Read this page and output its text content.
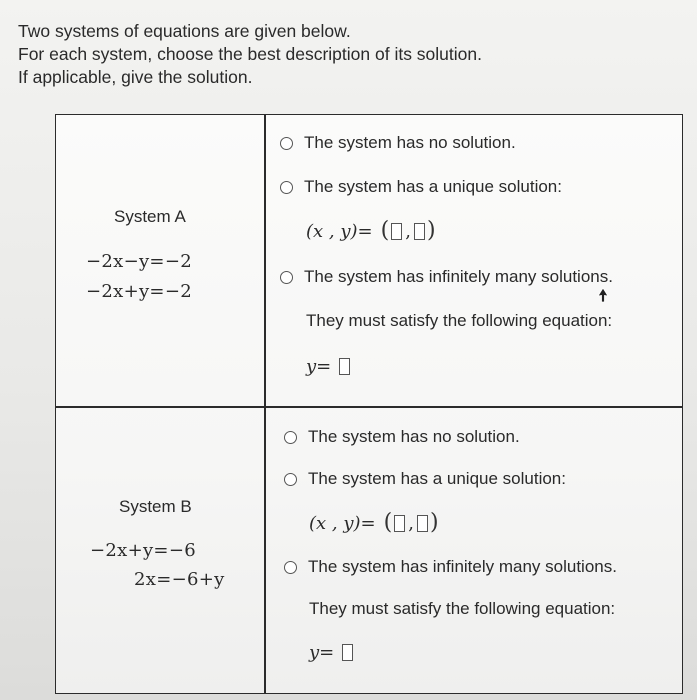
Two systems of equations are given below.
For each system, choose the best description of its solution.
If applicable, give the solution.
System A
−2x−y=−2
−2x+y=−2
The system has no solution.
The system has a unique solution:
(x , y)= ( , )
The system has infinitely many solutions.
They must satisfy the following equation:
y=
System B
−2x+y=−6
2x=−6+y
The system has no solution.
The system has a unique solution:
(x , y)= ( , )
The system has infinitely many solutions.
They must satisfy the following equation:
y=
